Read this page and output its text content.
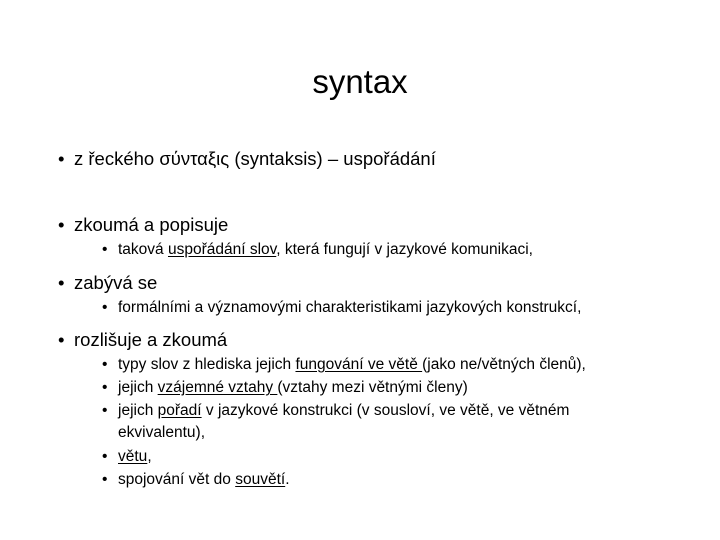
syntax
• z řeckého σύνταξις (syntaksis) – uspořádání
• zkoumá a popisuje
• taková uspořádání slov, která fungují v jazykové komunikaci,
• zabývá se
• formálními a významovými charakteristikami jazykových konstrukcí,
• rozlišuje a zkoumá
• typy slov z hlediska jejich fungování ve větě (jako ne/větných členů),
• jejich vzájemné vztahy (vztahy mezi větnými členy)
• jejich pořadí v jazykové konstrukci (v sousloví, ve větě, ve větném
ekvivalentu),
• větu,
• spojování vět do souvětí.
